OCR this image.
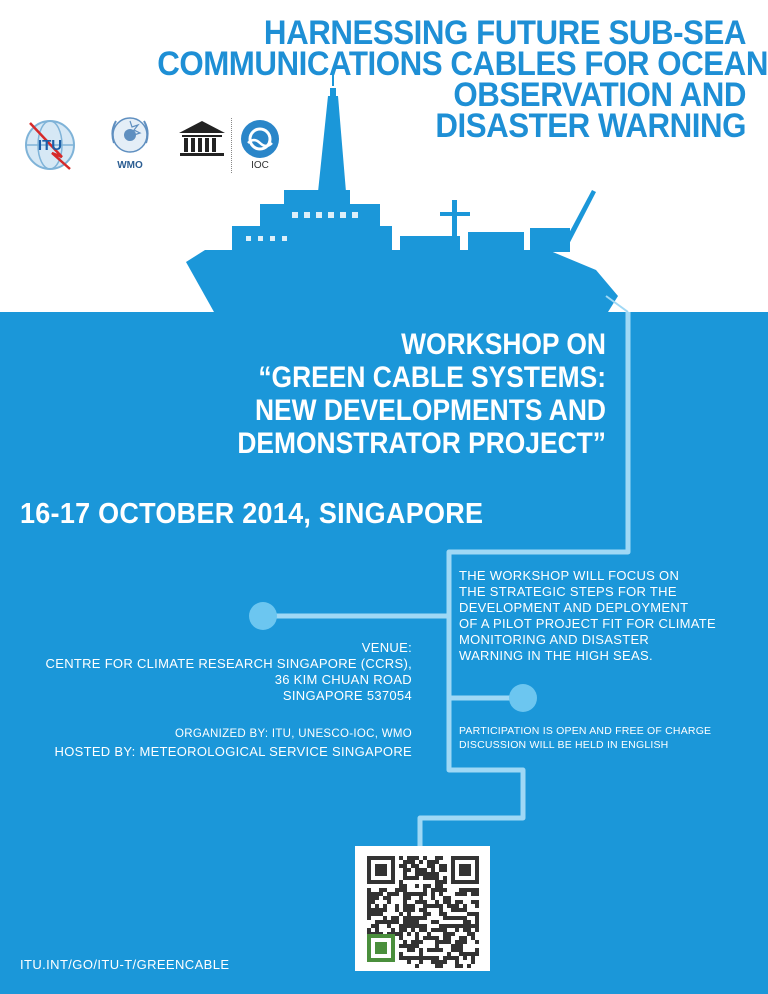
HARNESSING FUTURE SUB-SEA
COMMUNICATIONS CABLES FOR OCEAN
OBSERVATION AND
DISASTER WARNING
ITU
WMO	IOC
WORKSHOP ON
“GREEN CABLE SYSTEMS:
NEW DEVELOPMENTS AND
DEMONSTRATOR PROJECT”
16-17 OCTOBER 2014, SINGAPORE
THE WORKSHOP WILL FOCUS ON
THE STRATEGIC STEPS FOR THE
DEVELOPMENT AND DEPLOYMENT
OF A PILOT PROJECT FIT FOR CLIMATE
MONITORING AND DISASTER
WARNING IN THE HIGH SEAS.
VENUE:
CENTRE FOR CLIMATE RESEARCH SINGAPORE (CCRS),
36 KIM CHUAN ROAD
SINGAPORE 537054
ORGANIZED BY: ITU, UNESCO-IOC, WMO
HOSTED BY: METEOROLOGICAL SERVICE SINGAPORE
PARTICIPATION IS OPEN AND FREE OF CHARGE
DISCUSSION WILL BE HELD IN ENGLISH
ITU.INT/GO/ITU-T/GREENCABLE
